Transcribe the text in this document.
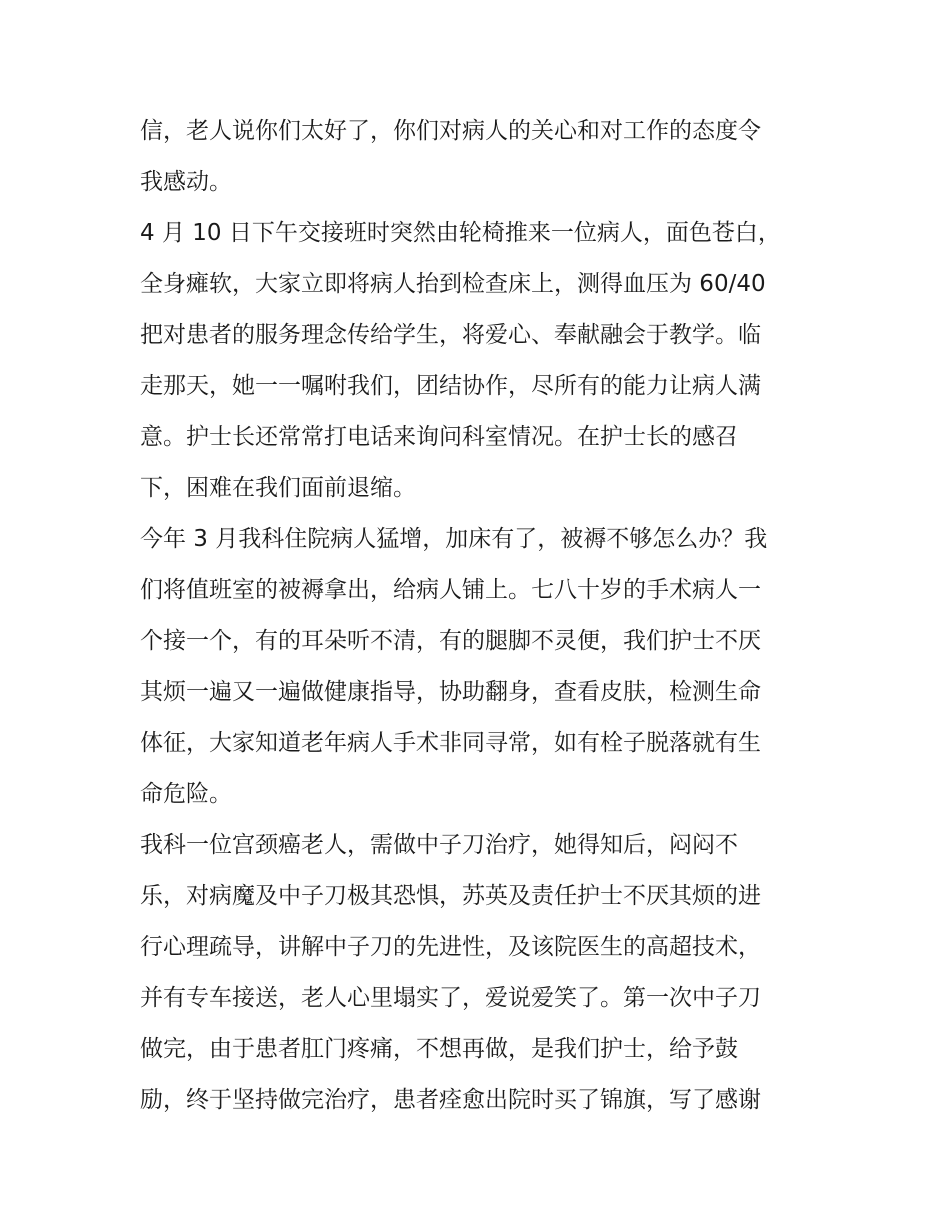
信，老人说你们太好了，你们对病人的关心和对工作的态度令
我感动。
4 月 10 日下午交接班时突然由轮椅推来一位病人，面色苍白，
全身瘫软，大家立即将病人抬到检查床上，测得血压为 60/40
把对患者的服务理念传给学生，将爱心、奉献融会于教学。临
走那天，她一一嘱咐我们，团结协作，尽所有的能力让病人满
意。护士长还常常打电话来询问科室情况。在护士长的感召
下，困难在我们面前退缩。
今年 3 月我科住院病人猛增，加床有了，被褥不够怎么办？我
们将值班室的被褥拿出，给病人铺上。七八十岁的手术病人一
个接一个，有的耳朵听不清，有的腿脚不灵便，我们护士不厌
其烦一遍又一遍做健康指导，协助翻身，查看皮肤，检测生命
体征，大家知道老年病人手术非同寻常，如有栓子脱落就有生
命危险。
我科一位宫颈癌老人，需做中子刀治疗，她得知后，闷闷不
乐，对病魔及中子刀极其恐惧，苏英及责任护士不厌其烦的进
行心理疏导，讲解中子刀的先进性，及该院医生的高超技术，
并有专车接送，老人心里塌实了，爱说爱笑了。第一次中子刀
做完，由于患者肛门疼痛，不想再做，是我们护士，给予鼓
励，终于坚持做完治疗，患者痊愈出院时买了锦旗，写了感谢
